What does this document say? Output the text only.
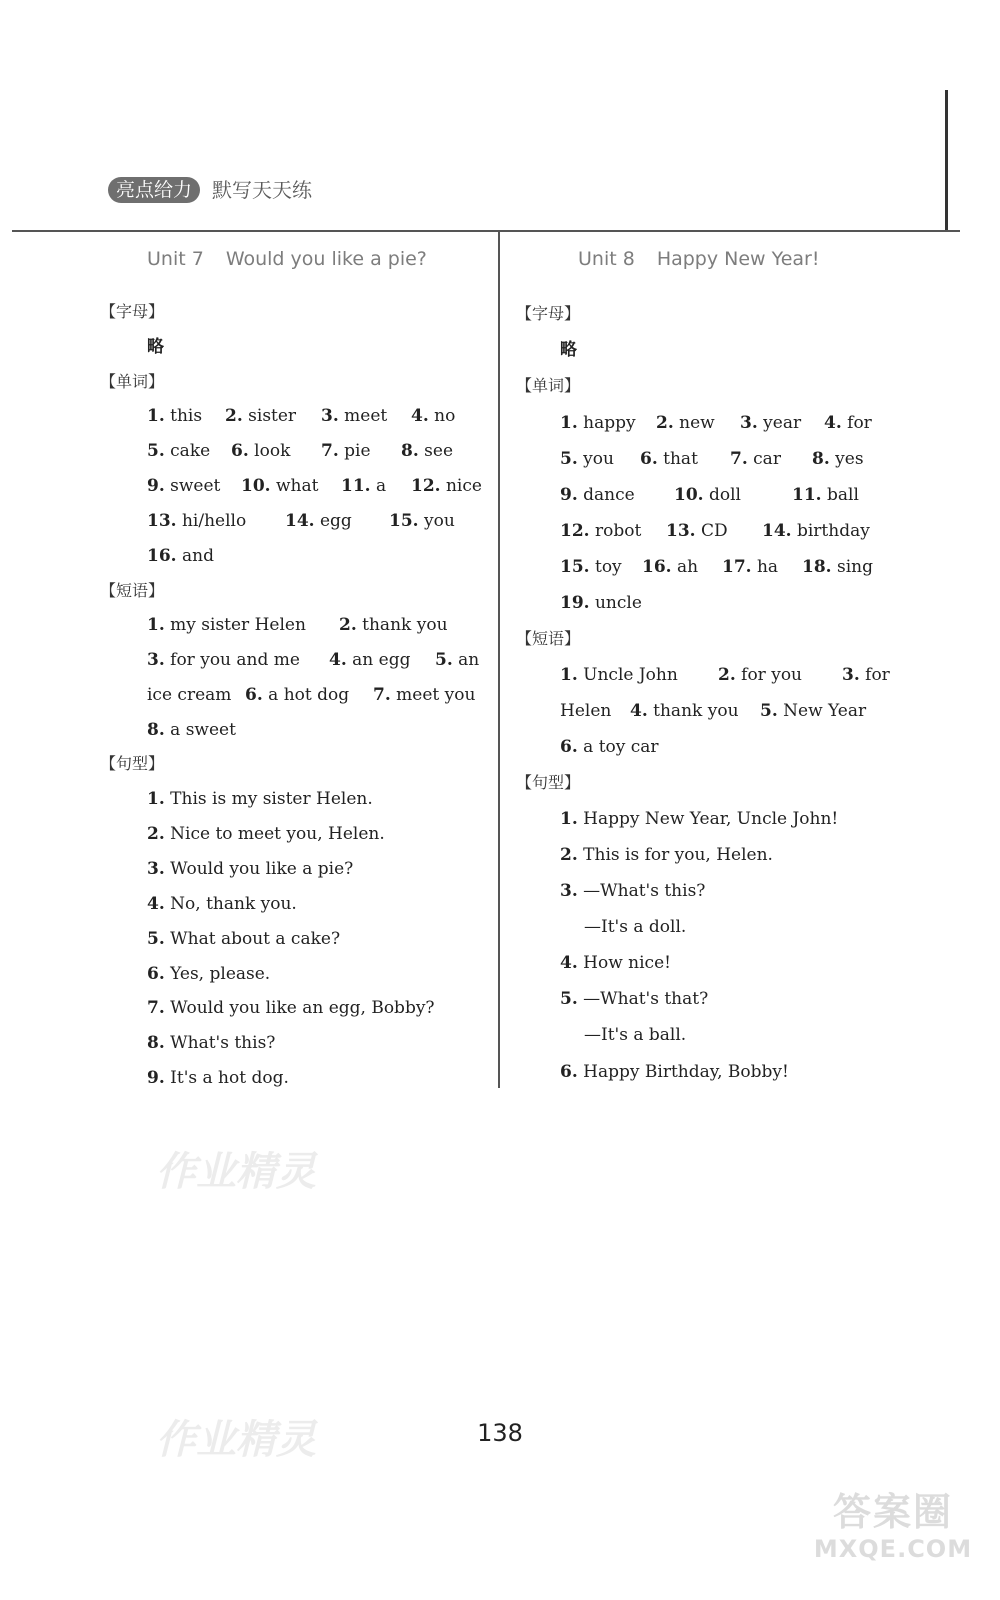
亮点给力 默写天天练
Unit 7 Would you like a pie?	Unit 8 Happy New Year!
【字母】
略
【单词】
1. this 2. sister 3. meet 4. no
5. cake 6. look 7. pie 8. see
9. sweet 10. what 11. a 12. nice
13. hi/hello 14. egg 15. you
16. and
【短语】
1. my sister Helen 2. thank you
3. for you and me 4. an egg 5. an
ice cream 6. a hot dog 7. meet you
8. a sweet
【句型】
1. This is my sister Helen.
2. Nice to meet you, Helen.
3. Would you like a pie?
4. No, thank you.
5. What about a cake?
6. Yes, please.
7. Would you like an egg, Bobby?
8. What's this?
9. It's a hot dog.
【字母】
略
【单词】
1. happy 2. new 3. year 4. for
5. you 6. that 7. car 8. yes
9. dance 10. doll	11. ball
12. robot 13. CD 14. birthday
15. toy 16. ah 17. ha 18. sing
19. uncle
【短语】
1. Uncle John 2. for you 3. for
Helen 4. thank you 5. New Year
6. a toy car
【句型】
1. Happy New Year, Uncle John!
2. This is for you, Helen.
3. —What's this?
—It's a doll.
4. How nice!
5. —What's that?
—It's a ball.
6. Happy Birthday, Bobby!
作业精灵
作业精灵	138
答案圈
MXQE.COM
